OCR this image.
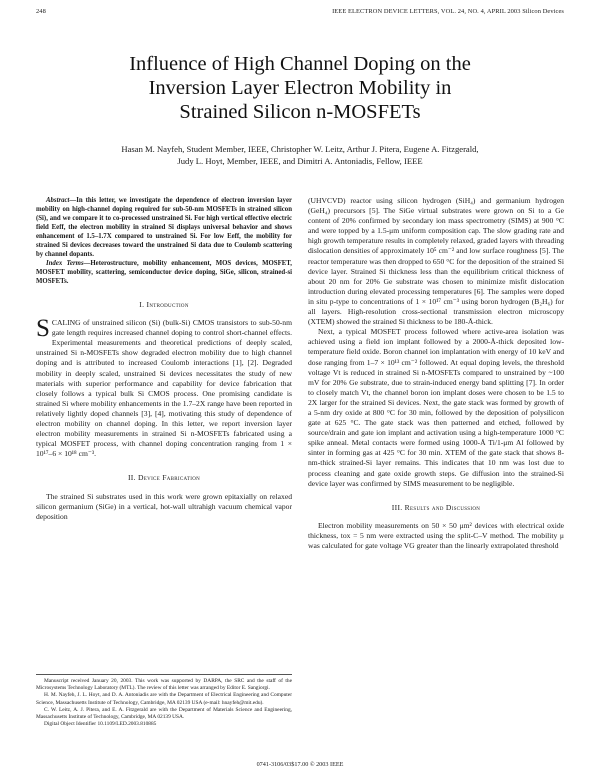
248	IEEE ELECTRON DEVICE LETTERS, VOL. 24, NO. 4, APRIL 2003 Silicon Devices
Influence of High Channel Doping on the
Inversion Layer Electron Mobility in
Strained Silicon n-MOSFETs
Hasan M. Nayfeh, Student Member, IEEE, Christopher W. Leitz, Arthur J. Pitera, Eugene A. Fitzgerald,
Judy L. Hoyt, Member, IEEE, and Dimitri A. Antoniadis, Fellow, IEEE

Abstract—In this letter, we investigate the dependence of electron inversion layer mobility on high-channel doping required for sub-50-nm MOSFETs in strained silicon (Si), and we compare it to co-processed unstrained Si. For high vertical effective electric field Eeff, the electron mobility in strained Si displays universal behavior and shows enhancement of 1.5–1.7X compared to unstrained Si. For low Eeff, the mobility for strained Si devices decreases toward the unstrained Si data due to Coulomb scattering by channel dopants.

Index Terms—Heterostructure, mobility enhancement, MOS devices, MOSFET, MOSFET mobility, scattering, semiconductor device doping, SiGe, silicon, strained-si MOSFETs.

I. Introduction

SCALING of unstrained silicon (Si) (bulk-Si) CMOS transistors to sub-50-nm gate length requires increased channel doping to control short-channel effects. Experimental measurements and theoretical predictions of deeply scaled, unstrained Si n-MOSFETs show degraded electron mobility due to high channel doping and is attributed to increased Coulomb interactions [1], [2]. Degraded mobility in deeply scaled, unstrained Si devices necessitates the study of new materials with superior performance and capability for device fabrication that closely follows a typical bulk Si CMOS process. One promising candidate is strained Si where mobility enhancements in the 1.7–2X range have been reported in relatively lightly doped channels [3], [4], motivating this study of dependence of electron mobility on channel doping. In this letter, we report inversion layer electron mobility measurements in strained Si n-MOSFETs fabricated using a typical MOSFET process, with channel doping concentration ranging from 1 × 10¹⁷–6 × 10¹⁸ cm⁻³.

II. Device Fabrication

The strained Si substrates used in this work were grown epitaxially on relaxed silicon germanium (SiGe) in a vertical, hot-wall ultrahigh vacuum chemical vapor deposition

(UHVCVD) reactor using silicon hydrogen (SiH₄) and germanium hydrogen (GeH₄) precursors [5]. The SiGe virtual substrates were grown on Si to a Ge content of 20% confirmed by secondary ion mass spectrometry (SIMS) at 900 °C and were topped by a 1.5-μm uniform composition cap. The slow grading rate and high growth temperature results in completely relaxed, graded layers with threading dislocation densities of approximately 10⁵ cm⁻² and low surface roughness [5]. The reactor temperature was then dropped to 650 °C for the deposition of the strained Si device layer. Strained Si thickness less than the equilibrium critical thickness of about 20 nm for 20% Ge substrate was chosen to minimize misfit dislocation introduction during elevated processing temperatures [6]. The samples were doped in situ p-type to concentrations of 1 × 10¹⁷ cm⁻³ using boron hydrogen (B₂H₆) for all layers. High-resolution cross-sectional transmission electron microscopy (XTEM) showed the strained Si thickness to be 180-Å-thick.

Next, a typical MOSFET process followed where active-area isolation was achieved using a field ion implant followed by a 2000-Å-thick deposited low-temperature field oxide. Boron channel ion implantation with energy of 10 keV and dose ranging from 1–7 × 10¹³ cm⁻² followed. At equal doping levels, the threshold voltage Vt is reduced in strained Si n-MOSFETs compared to unstrained by ~100 mV for 20% Ge substrate, due to strain-induced energy band splitting [7]. In order to closely match Vt, the channel boron ion implant doses were chosen to be 1.5 to 2X larger for the strained Si devices. Next, the gate stack was formed by growth of a 5-nm dry oxide at 800 °C for 30 min, followed by the deposition of polysilicon gate at 625 °C. The gate stack was then patterned and etched, followed by source/drain and gate ion implant and activation using a high-temperature 1000 °C spike anneal. Metal contacts were formed using 1000-Å Ti/1-μm Al followed by sinter in forming gas at 425 °C for 30 min. XTEM of the gate stack that shows 8-nm-thick strained-Si layer remains. This indicates that 10 nm was lost due to process cleaning and gate oxide growth steps. Ge diffusion into the strained-Si device layer was confirmed by SIMS measurement to be negligible.

III. Results and Discussion

Electron mobility measurements on 50 × 50 μm² devices with electrical oxide thickness, tox = 5 nm were extracted using the split-C–V method. The mobility μ was calculated for gate voltage VG greater than the linearly extrapolated threshold

Manuscript received January 20, 2003. This work was supported by DARPA, the SRC and the staff of the Microsystems Technology Laboratory (MTL). The review of this letter was arranged by Editor E. Sangiorgi.

H. M. Nayfeh, J. L. Hoyt, and D. A. Antoniadis are with the Department of Electrical Engineering and Computer Science, Massachusetts Institute of Technology, Cambridge, MA 02139 USA (e-mail: hnayfeh@mit.edu).

C. W. Leitz, A. J. Pitera, and E. A. Fitzgerald are with the Department of Materials Science and Engineering, Massachusetts Institute of Technology, Cambridge, MA 02139 USA.

Digital Object Identifier 10.1109/LED.2003.810885

0741-3106/03$17.00 © 2003 IEEE
